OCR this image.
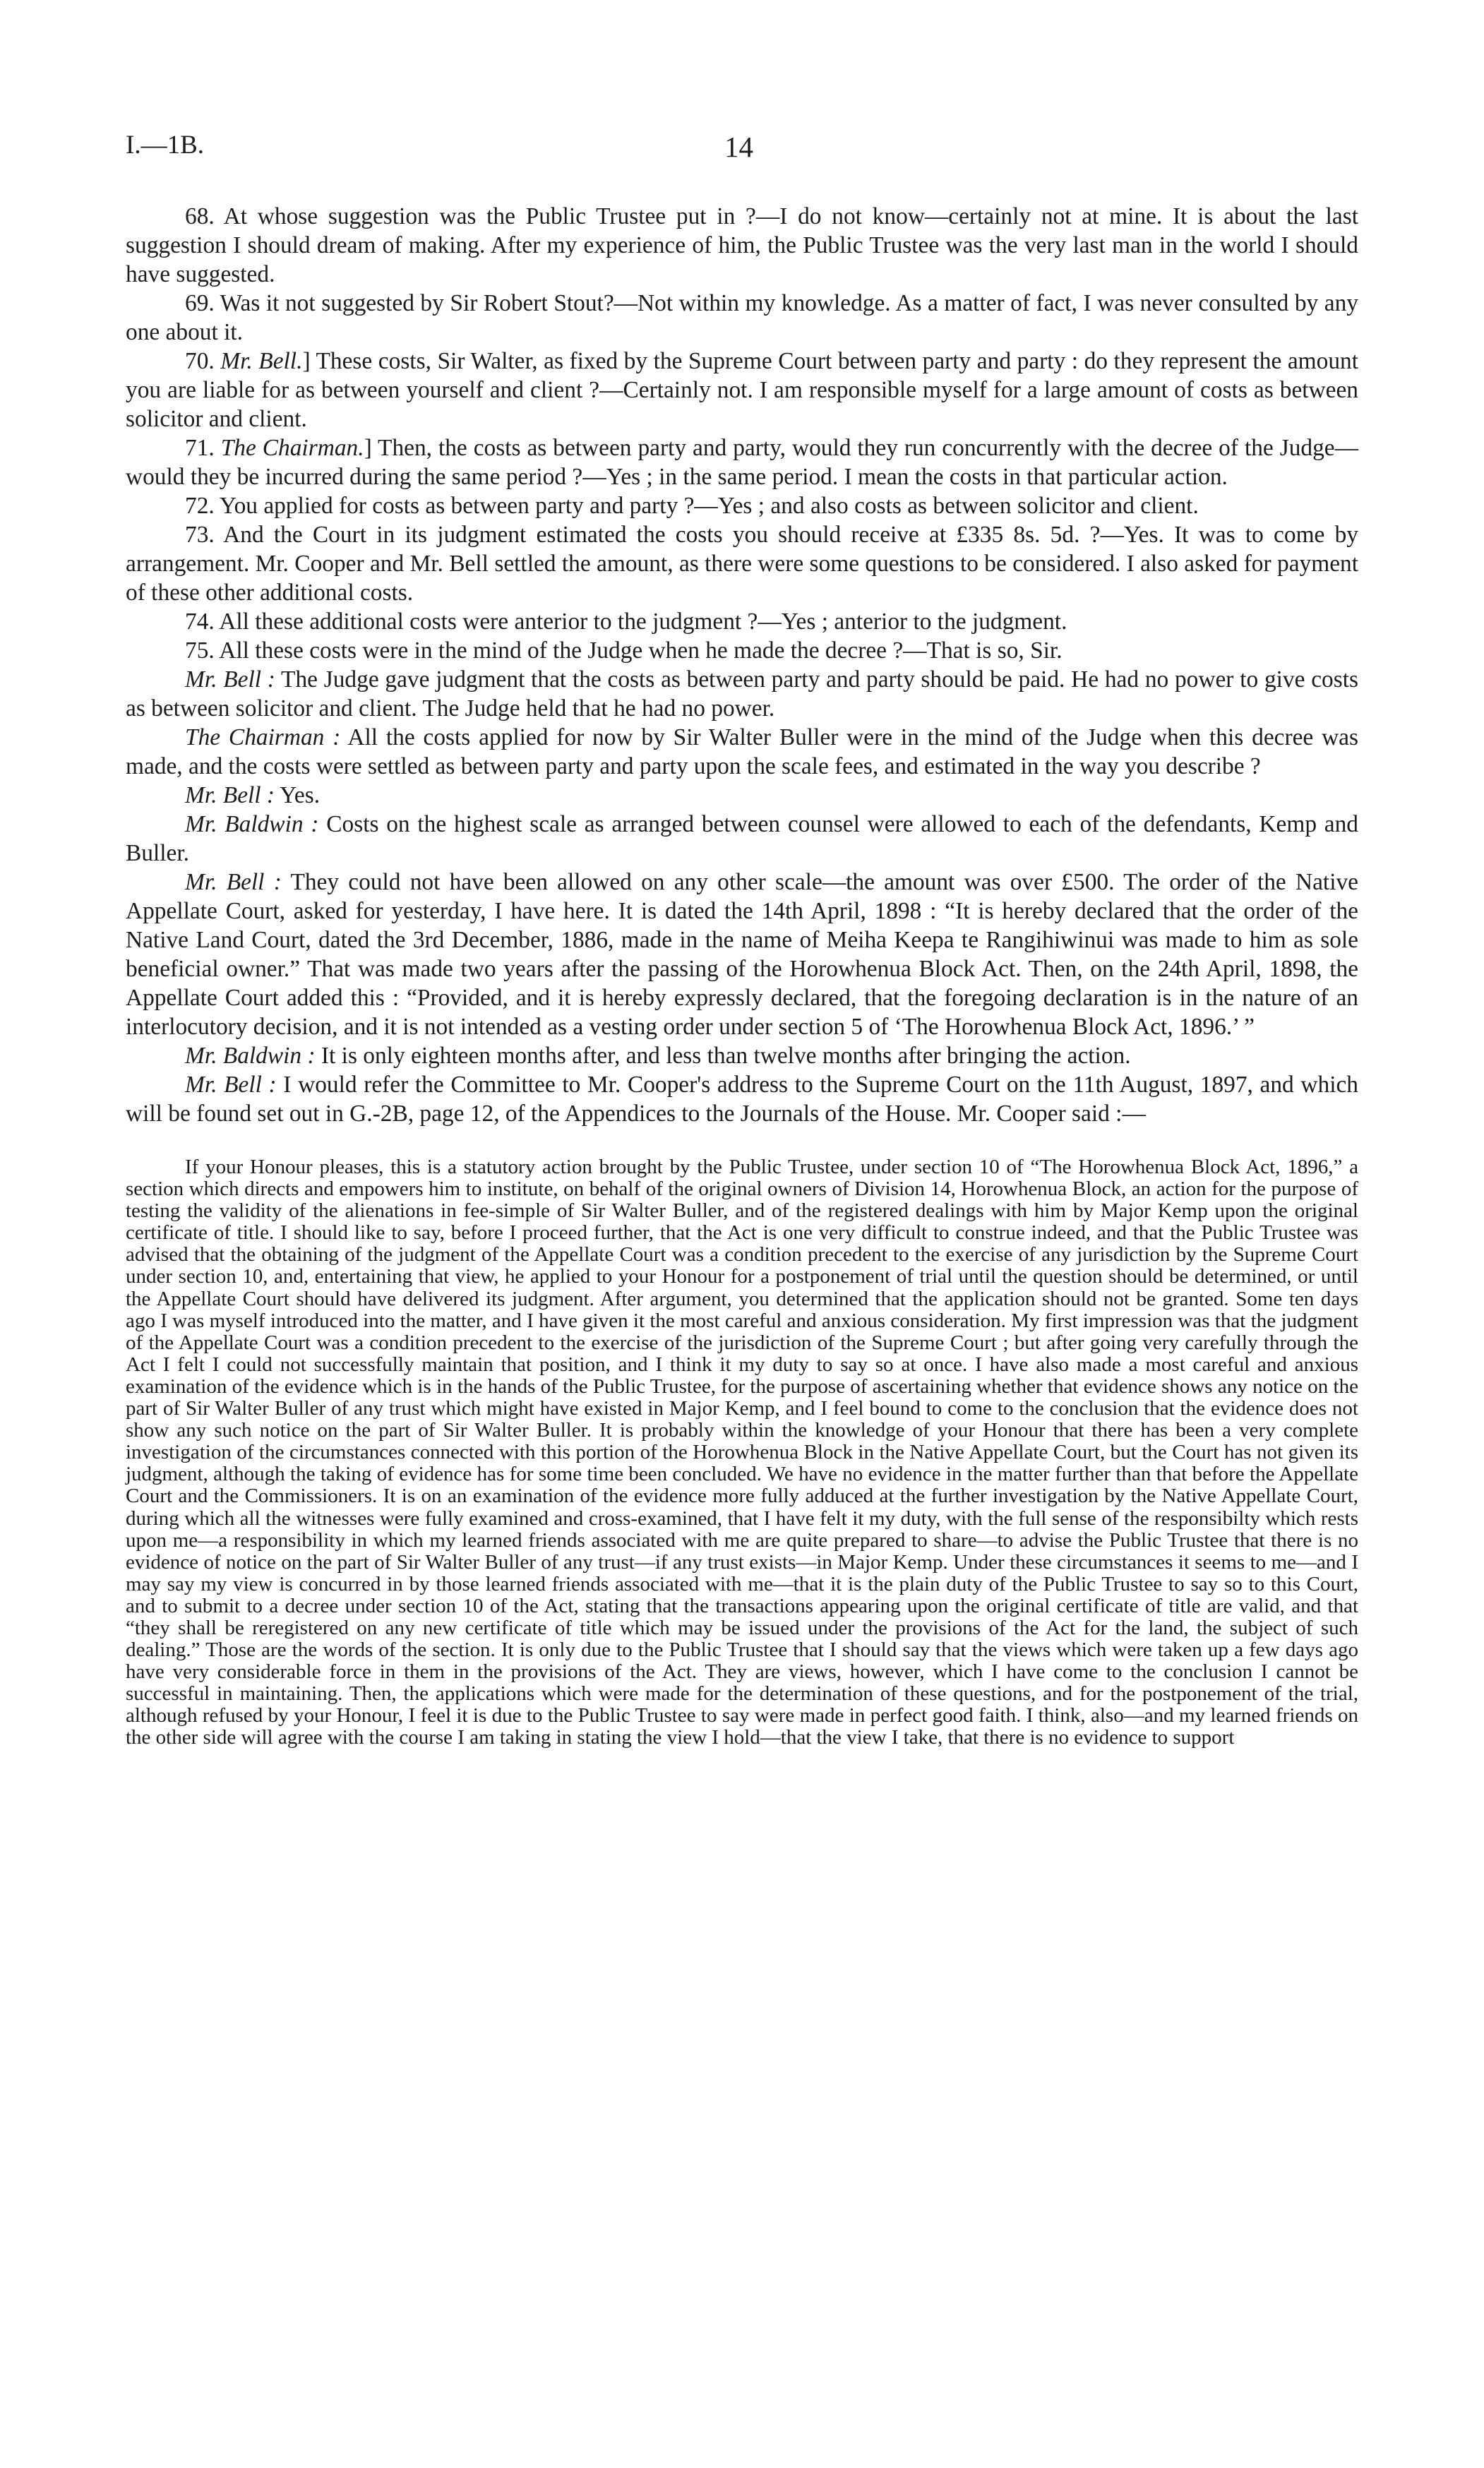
I.—1B.	14

68. At whose suggestion was the Public Trustee put in ?—I do not know—certainly not at mine. It is about the last suggestion I should dream of making. After my experience of him, the Public Trustee was the very last man in the world I should have suggested.

69. Was it not suggested by Sir Robert Stout?—Not within my knowledge. As a matter of fact, I was never consulted by any one about it.

70. Mr. Bell.] These costs, Sir Walter, as fixed by the Supreme Court between party and party : do they represent the amount you are liable for as between yourself and client ?—Certainly not. I am responsible myself for a large amount of costs as between solicitor and client.

71. The Chairman.] Then, the costs as between party and party, would they run concurrently with the decree of the Judge—would they be incurred during the same period ?—Yes ; in the same period. I mean the costs in that particular action.

72. You applied for costs as between party and party ?—Yes ; and also costs as between solicitor and client.

73. And the Court in its judgment estimated the costs you should receive at £335 8s. 5d. ?—Yes. It was to come by arrangement. Mr. Cooper and Mr. Bell settled the amount, as there were some questions to be considered. I also asked for payment of these other additional costs.

74. All these additional costs were anterior to the judgment ?—Yes ; anterior to the judgment.

75. All these costs were in the mind of the Judge when he made the decree ?—That is so, Sir.

Mr. Bell : The Judge gave judgment that the costs as between party and party should be paid. He had no power to give costs as between solicitor and client. The Judge held that he had no power.

The Chairman : All the costs applied for now by Sir Walter Buller were in the mind of the Judge when this decree was made, and the costs were settled as between party and party upon the scale fees, and estimated in the way you describe ?

Mr. Bell : Yes.

Mr. Baldwin : Costs on the highest scale as arranged between counsel were allowed to each of the defendants, Kemp and Buller.

Mr. Bell : They could not have been allowed on any other scale—the amount was over £500. The order of the Native Appellate Court, asked for yesterday, I have here. It is dated the 14th April, 1898 : “It is hereby declared that the order of the Native Land Court, dated the 3rd December, 1886, made in the name of Meiha Keepa te Rangihiwinui was made to him as sole beneficial owner.” That was made two years after the passing of the Horowhenua Block Act. Then, on the 24th April, 1898, the Appellate Court added this : “Provided, and it is hereby expressly declared, that the foregoing declaration is in the nature of an interlocutory decision, and it is not intended as a vesting order under section 5 of ‘The Horowhenua Block Act, 1896.’ ”

Mr. Baldwin : It is only eighteen months after, and less than twelve months after bringing the action.

Mr. Bell : I would refer the Committee to Mr. Cooper's address to the Supreme Court on the 11th August, 1897, and which will be found set out in G.-2B, page 12, of the Appendices to the Journals of the House. Mr. Cooper said :—

If your Honour pleases, this is a statutory action brought by the Public Trustee, under section 10 of “The Horowhenua Block Act, 1896,” a section which directs and empowers him to institute, on behalf of the original owners of Division 14, Horowhenua Block, an action for the purpose of testing the validity of the alienations in fee-simple of Sir Walter Buller, and of the registered dealings with him by Major Kemp upon the original certificate of title. I should like to say, before I proceed further, that the Act is one very difficult to construe indeed, and that the Public Trustee was advised that the obtaining of the judgment of the Appellate Court was a condition precedent to the exercise of any jurisdiction by the Supreme Court under section 10, and, entertaining that view, he applied to your Honour for a postponement of trial until the question should be determined, or until the Appellate Court should have delivered its judgment. After argument, you determined that the application should not be granted. Some ten days ago I was myself introduced into the matter, and I have given it the most careful and anxious consideration. My first impression was that the judgment of the Appellate Court was a condition precedent to the exercise of the jurisdiction of the Supreme Court ; but after going very carefully through the Act I felt I could not successfully maintain that position, and I think it my duty to say so at once. I have also made a most careful and anxious examination of the evidence which is in the hands of the Public Trustee, for the purpose of ascertaining whether that evidence shows any notice on the part of Sir Walter Buller of any trust which might have existed in Major Kemp, and I feel bound to come to the conclusion that the evidence does not show any such notice on the part of Sir Walter Buller. It is probably within the knowledge of your Honour that there has been a very complete investigation of the circumstances connected with this portion of the Horowhenua Block in the Native Appellate Court, but the Court has not given its judgment, although the taking of evidence has for some time been concluded. We have no evidence in the matter further than that before the Appellate Court and the Commissioners. It is on an examination of the evidence more fully adduced at the further investigation by the Native Appellate Court, during which all the witnesses were fully examined and cross-examined, that I have felt it my duty, with the full sense of the responsibilty which rests upon me—a responsibility in which my learned friends associated with me are quite prepared to share—to advise the Public Trustee that there is no evidence of notice on the part of Sir Walter Buller of any trust—if any trust exists—in Major Kemp. Under these circumstances it seems to me—and I may say my view is concurred in by those learned friends associated with me—that it is the plain duty of the Public Trustee to say so to this Court, and to submit to a decree under section 10 of the Act, stating that the transactions appearing upon the original certificate of title are valid, and that “they shall be reregistered on any new certificate of title which may be issued under the provisions of the Act for the land, the subject of such dealing.” Those are the words of the section. It is only due to the Public Trustee that I should say that the views which were taken up a few days ago have very considerable force in them in the provisions of the Act. They are views, however, which I have come to the conclusion I cannot be successful in maintaining. Then, the applications which were made for the determination of these questions, and for the postponement of the trial, although refused by your Honour, I feel it is due to the Public Trustee to say were made in perfect good faith. I think, also—and my learned friends on the other side will agree with the course I am taking in stating the view I hold—that the view I take, that there is no evidence to support
